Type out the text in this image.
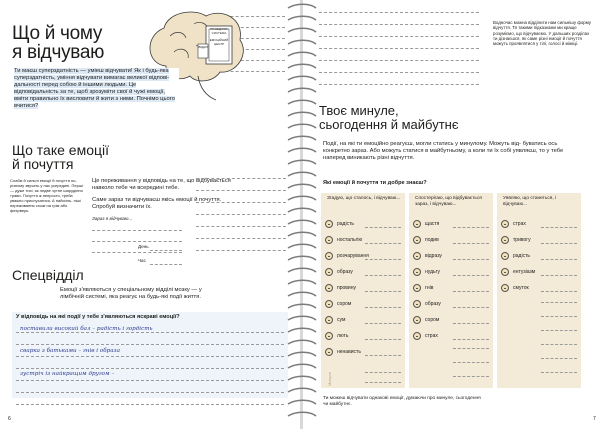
Що й чому
я відчуваю
ПОНЕДІЛОК
СИСТЕМА
ЕМОЦІЙНИЙ ЦЕНТР
ВІДДІЛ
Ти маєш суперздатність — уміеш відчувати! Як і будь-яка суперздатність, уміння відчувати вимагає великої відпові- дальності перед собою й іншими людьми. Це відповідальність за те, щоб зрозуміти свої й чужі емоції, вміти правильно їх висловити й жити з ними. Почнімо цього вчитися?
Що таке емоції
й почуття
Слабкі й сильні емоції й почуття по-різному звучать у нас усередині. Перші — дуже тихі, як ледве чутне шарудіння трави. Почуття ж непросто, треба уважно прислухатися. А найсиль- ніші переживання схожі на грім або феєрверк.
Це переживання у відповідь на те, що відбувається навколо тебе чи всередині тебе.
Саме зараз ти відчуваєш якісь емоції й почуття. Спробуй визначити їх.
Зараз я відчуваю...
День
Час
Спецвідділ
Емоції з'являються у спеціальному відділі мозку — у лімбічній системі, яка реагує на будь-які події життя.
У відповідь на які події у тебе з'являються яскраві емоції?
поставили високий бал – радість і гордість
сварка з батьками – гнів і образа
зустріч із найкращим другом –
6
Водночас можна відділити нам сильнішу форму відчуття. Тя такими підказками ми краще розуміємо, що відчуваємо. У дальших розділах ти дізнаєшся, як саме різні емоції й почуття можуть проявлятися у тілі, голосі й міміці.
Твоє минуле,
сьогодення й майбутнє
Події, на які ти емоційно реагуєш, могли статись у минулому. Можуть від- буватись ось конкретно зараз. Або можуть статися в майбутньому, а коли ти їх собі уявляєш, то у тебе наперед виникають різні відчуття.
Які емоції й почуття ти добре знаєш?
Згадую, що сталось, і відчуваю...	Спостерігаю, що відбувається зараз, і відчуваю...
Уявляю, що станеться, і відчуваю...
радість
ностальгію
розчарування
образу
провину
сором
сум
лють
ненависть
щастя
подив
відразу
нудьгу
гнів
образу
сором
страх
страх
тривогу
радість
ентузіазм
смуток
Минуле
Ти можеш відчувати однакові емоції, думаючи про минуле, сьогодення чи майбутнє.
7
